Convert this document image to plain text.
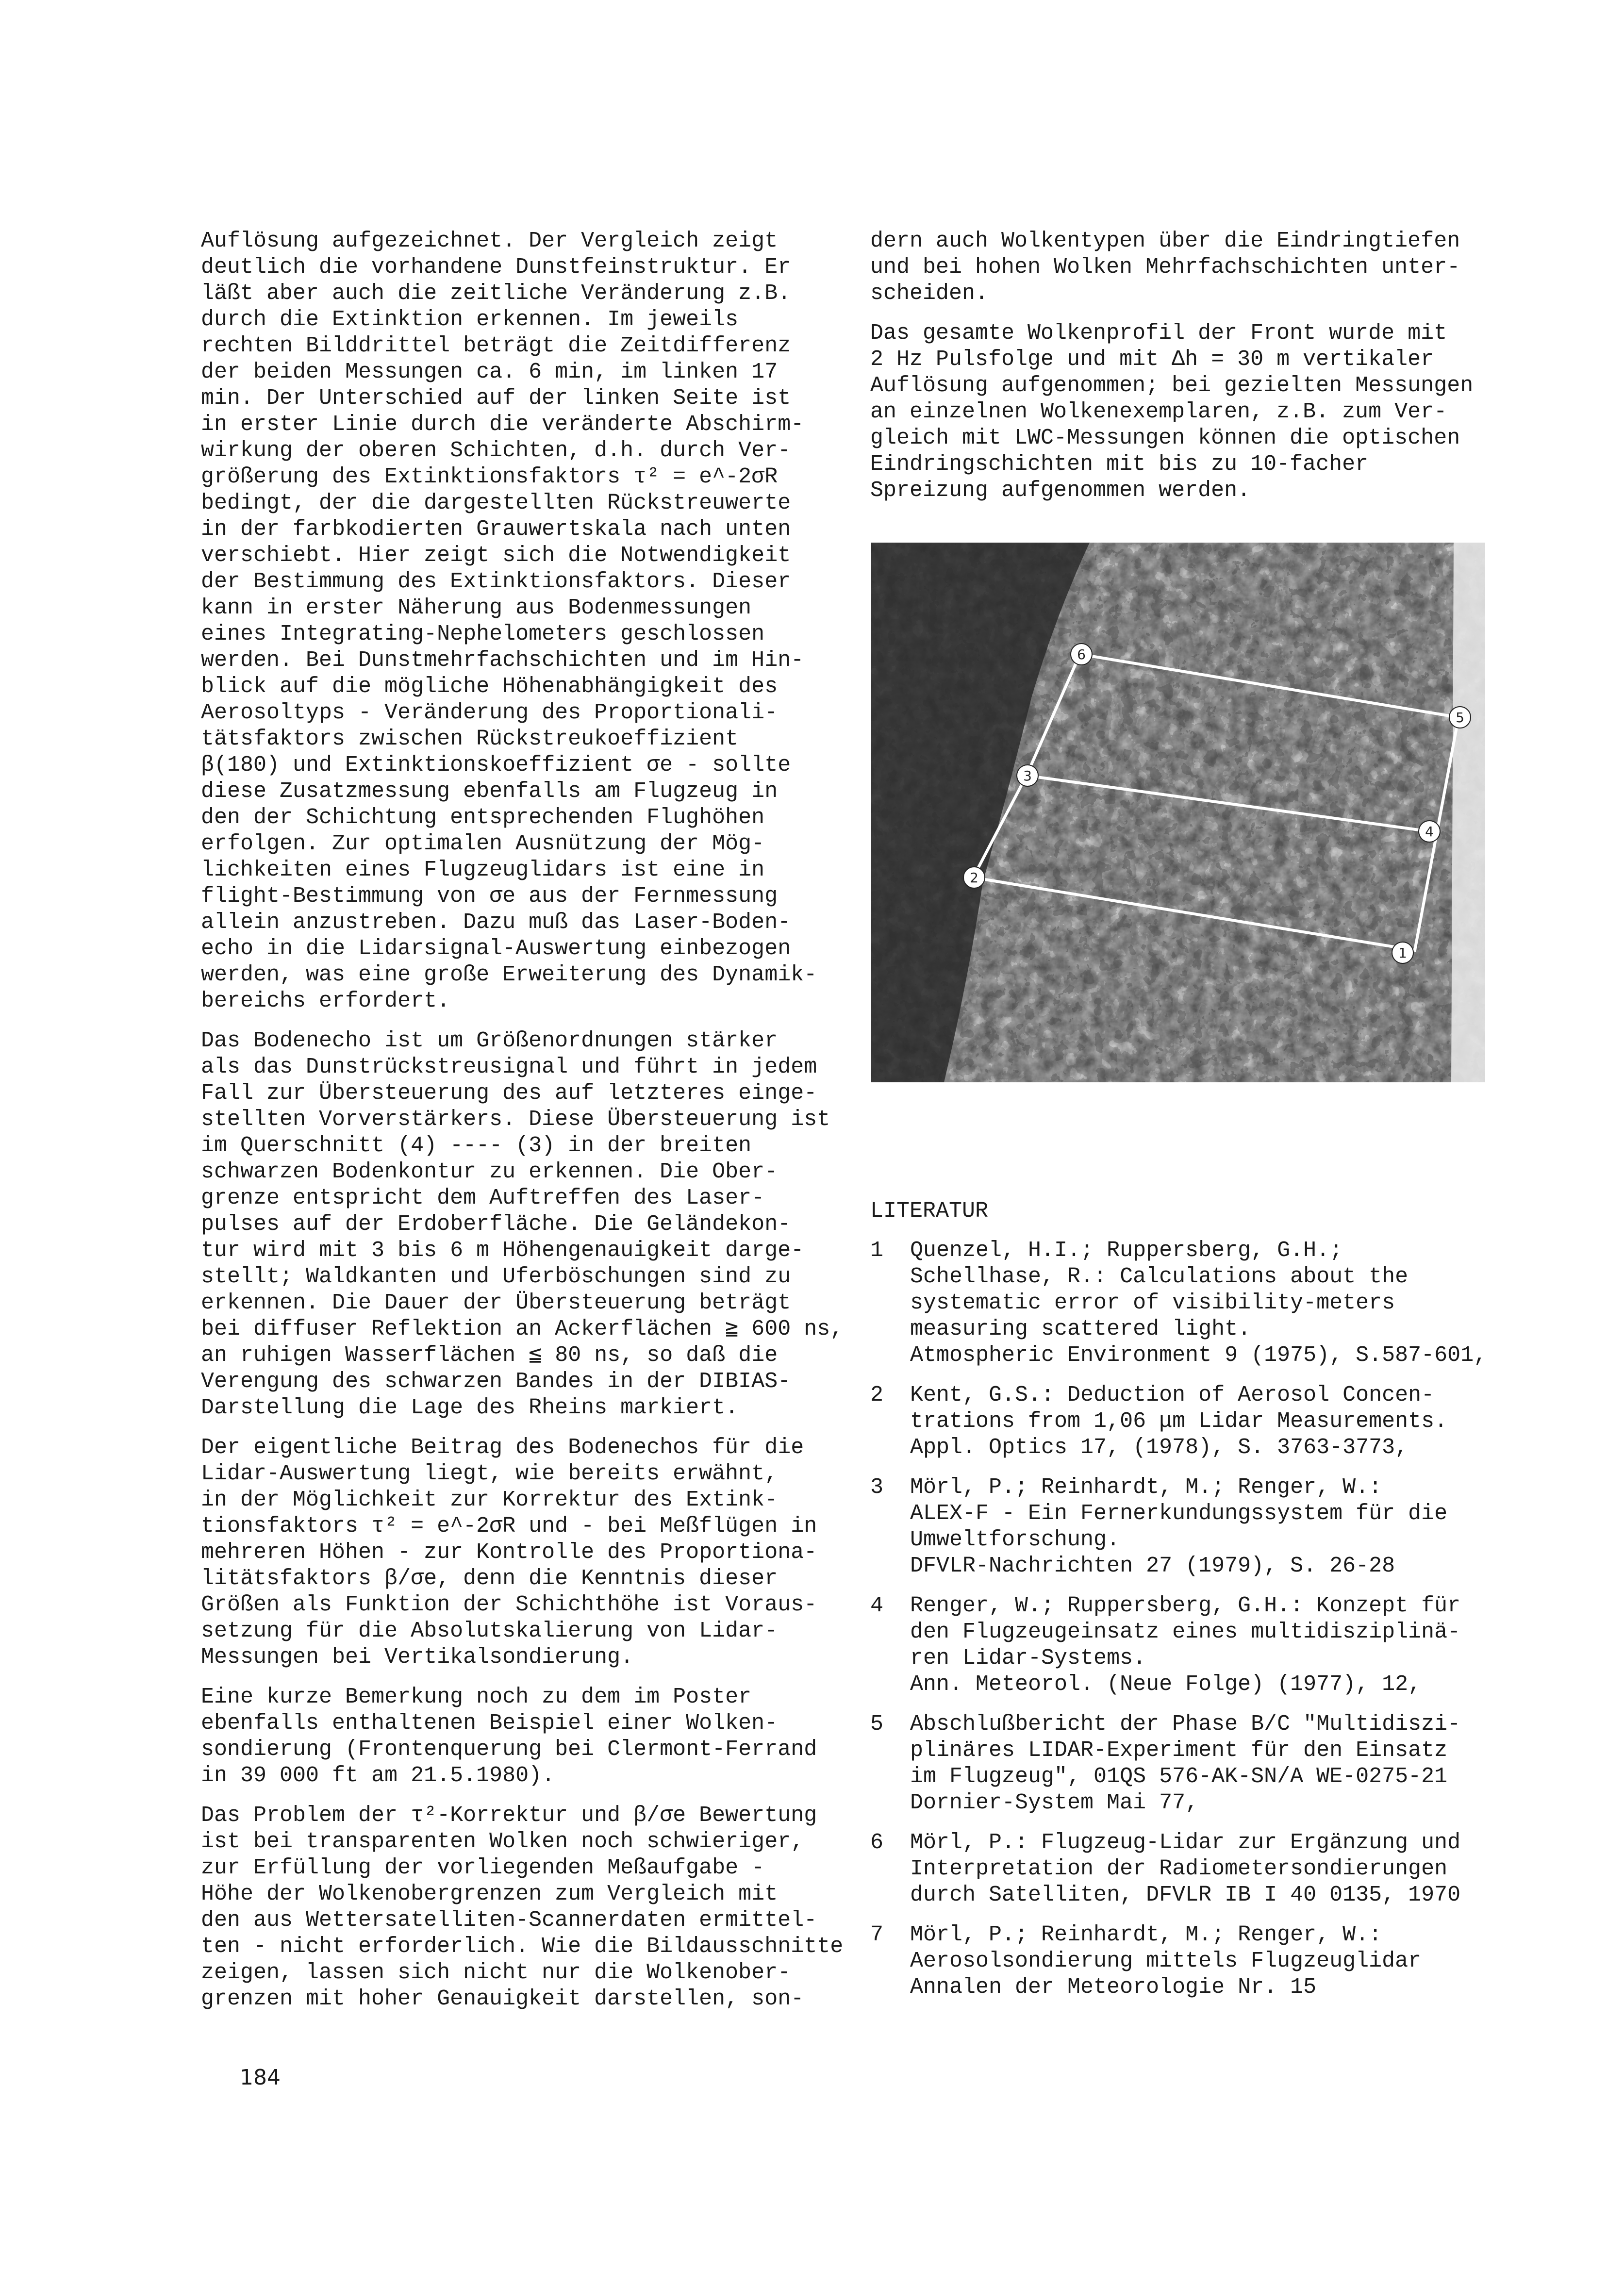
Auflösung aufgezeichnet. Der Vergleich zeigt
deutlich die vorhandene Dunstfeinstruktur. Er
läßt aber auch die zeitliche Veränderung z.B.
durch die Extinktion erkennen. Im jeweils
rechten Bilddrittel beträgt die Zeitdifferenz
der beiden Messungen ca. 6 min, im linken 17
min. Der Unterschied auf der linken Seite ist
in erster Linie durch die veränderte Abschirm-
wirkung der oberen Schichten, d.h. durch Ver-
größerung des Extinktionsfaktors τ² = e^-2σR
bedingt, der die dargestellten Rückstreuwerte
in der farbkodierten Grauwertskala nach unten
verschiebt. Hier zeigt sich die Notwendigkeit
der Bestimmung des Extinktionsfaktors. Dieser
kann in erster Näherung aus Bodenmessungen
eines Integrating-Nephelometers geschlossen
werden. Bei Dunstmehrfachschichten und im Hin-
blick auf die mögliche Höhenabhängigkeit des
Aerosoltyps - Veränderung des Proportionali-
tätsfaktors zwischen Rückstreukoeffizient
β(180) und Extinktionskoeffizient σe - sollte
diese Zusatzmessung ebenfalls am Flugzeug in
den der Schichtung entsprechenden Flughöhen
erfolgen. Zur optimalen Ausnützung der Mög-
lichkeiten eines Flugzeuglidars ist eine in
flight-Bestimmung von σe aus der Fernmessung
allein anzustreben. Dazu muß das Laser-Boden-
echo in die Lidarsignal-Auswertung einbezogen
werden, was eine große Erweiterung des Dynamik-
bereichs erfordert.

Das Bodenecho ist um Größenordnungen stärker
als das Dunstrückstreusignal und führt in jedem
Fall zur Übersteuerung des auf letzteres einge-
stellten Vorverstärkers. Diese Übersteuerung ist
im Querschnitt (4) ---- (3) in der breiten
schwarzen Bodenkontur zu erkennen. Die Ober-
grenze entspricht dem Auftreffen des Laser-
pulses auf der Erdoberfläche. Die Geländekon-
tur wird mit 3 bis 6 m Höhengenauigkeit darge-
stellt; Waldkanten und Uferböschungen sind zu
erkennen. Die Dauer der Übersteuerung beträgt
bei diffuser Reflektion an Ackerflächen ≧ 600 ns,
an ruhigen Wasserflächen ≦ 80 ns, so daß die
Verengung des schwarzen Bandes in der DIBIAS-
Darstellung die Lage des Rheins markiert.

Der eigentliche Beitrag des Bodenechos für die
Lidar-Auswertung liegt, wie bereits erwähnt,
in der Möglichkeit zur Korrektur des Extink-
tionsfaktors τ² = e^-2σR und - bei Meßflügen in
mehreren Höhen - zur Kontrolle des Proportiona-
litätsfaktors β/σe, denn die Kenntnis dieser
Größen als Funktion der Schichthöhe ist Voraus-
setzung für die Absolutskalierung von Lidar-
Messungen bei Vertikalsondierung.

Eine kurze Bemerkung noch zu dem im Poster
ebenfalls enthaltenen Beispiel einer Wolken-
sondierung (Frontenquerung bei Clermont-Ferrand
in 39 000 ft am 21.5.1980).

Das Problem der τ²-Korrektur und β/σe Bewertung
ist bei transparenten Wolken noch schwieriger,
zur Erfüllung der vorliegenden Meßaufgabe -
Höhe der Wolkenobergrenzen zum Vergleich mit
den aus Wettersatelliten-Scannerdaten ermittel-
ten - nicht erforderlich. Wie die Bildausschnitte
zeigen, lassen sich nicht nur die Wolkenober-
grenzen mit hoher Genauigkeit darstellen, son-

dern auch Wolkentypen über die Eindringtiefen
und bei hohen Wolken Mehrfachschichten unter-
scheiden.

Das gesamte Wolkenprofil der Front wurde mit
2 Hz Pulsfolge und mit Δh = 30 m vertikaler
Auflösung aufgenommen; bei gezielten Messungen
an einzelnen Wolkenexemplaren, z.B. zum Ver-
gleich mit LWC-Messungen können die optischen
Eindringschichten mit bis zu 10-facher
Spreizung aufgenommen werden.

1
2
3
4
5
6
LITERATUR
1	Quenzel, H.I.; Ruppersberg, G.H.;
Schellhase, R.: Calculations about the
systematic error of visibility-meters
measuring scattered light.
Atmospheric Environment 9 (1975), S.587-601,
2	Kent, G.S.: Deduction of Aerosol Concen-
trations from 1,06 μm Lidar Measurements.
Appl. Optics 17, (1978), S. 3763-3773,
3	Mörl, P.; Reinhardt, M.; Renger, W.:
ALEX-F - Ein Fernerkundungssystem für die
Umweltforschung.
DFVLR-Nachrichten 27 (1979), S. 26-28
4	Renger, W.; Ruppersberg, G.H.: Konzept für
den Flugzeugeinsatz eines multidisziplinä-
ren Lidar-Systems.
Ann. Meteorol. (Neue Folge) (1977), 12,
5	Abschlußbericht der Phase B/C "Multidiszi-
plinäres LIDAR-Experiment für den Einsatz
im Flugzeug", 01QS 576-AK-SN/A WE-0275-21
Dornier-System Mai 77,
6	Mörl, P.: Flugzeug-Lidar zur Ergänzung und
Interpretation der Radiometersondierungen
durch Satelliten, DFVLR IB I 40 0135, 1970
7	Mörl, P.; Reinhardt, M.; Renger, W.:
Aerosolsondierung mittels Flugzeuglidar
Annalen der Meteorologie Nr. 15
184
